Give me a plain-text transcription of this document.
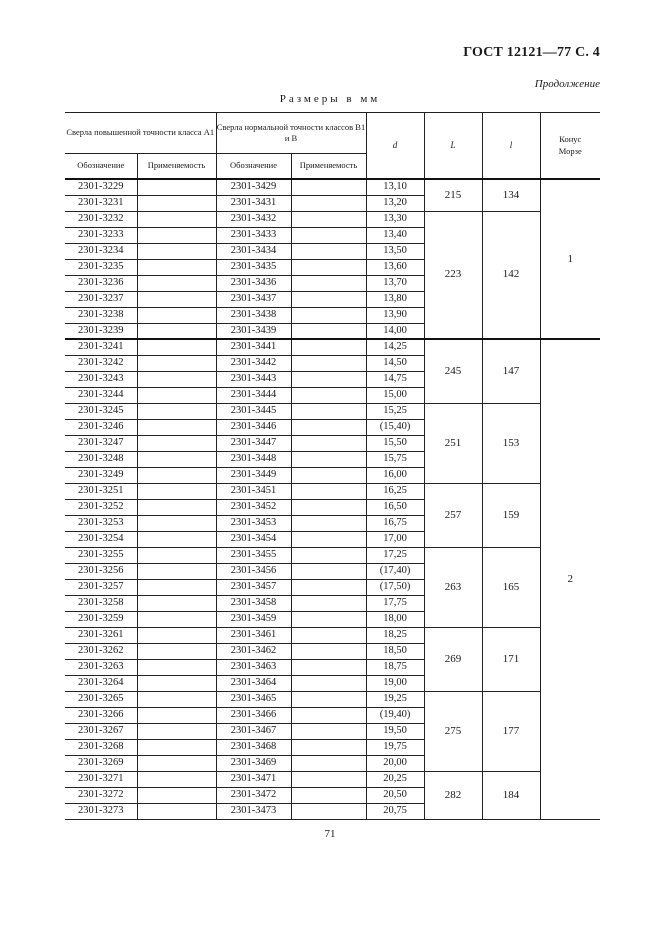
ГОСТ 12121—77 С. 4
Продолжение
Размеры в мм
Сверла повышенной точности класса А1		Сверла нормальной точности классов В1 и В		d	L	l	Конус Морзе
Обозначение	Применяемость	Обозначение	Применяемость				
2301-3229		2301-3429		13,10	215	134	1
2301-3231		2301-3431		13,20			
2301-3232		2301-3432		13,30	223	142	
2301-3233		2301-3433		13,40			
2301-3234		2301-3434		13,50			
2301-3235		2301-3435		13,60			
2301-3236		2301-3436		13,70			
2301-3237		2301-3437		13,80			
2301-3238		2301-3438		13,90			
2301-3239		2301-3439		14,00			
2301-3241		2301-3441		14,25	245	147	2
2301-3242		2301-3442		14,50			
2301-3243		2301-3443		14,75			
2301-3244		2301-3444		15,00			
2301-3245		2301-3445		15,25	251	153	
2301-3246		2301-3446		(15,40)			
2301-3247		2301-3447		15,50			
2301-3248		2301-3448		15,75			
2301-3249		2301-3449		16,00			
2301-3251		2301-3451		16,25	257	159	
2301-3252		2301-3452		16,50			
2301-3253		2301-3453		16,75			
2301-3254		2301-3454		17,00			
2301-3255		2301-3455		17,25	263	165	
2301-3256		2301-3456		(17,40)			
2301-3257		2301-3457		(17,50)			
2301-3258		2301-3458		17,75			
2301-3259		2301-3459		18,00			
2301-3261		2301-3461		18,25	269	171	
2301-3262		2301-3462		18,50			
2301-3263		2301-3463		18,75			
2301-3264		2301-3464		19,00			
2301-3265		2301-3465		19,25	275	177	
2301-3266		2301-3466		(19,40)			
2301-3267		2301-3467		19,50			
2301-3268		2301-3468		19,75			
2301-3269		2301-3469		20,00			
2301-3271		2301-3471		20,25	282	184	
2301-3272		2301-3472		20,50			
2301-3273		2301-3473		20,75			
71
